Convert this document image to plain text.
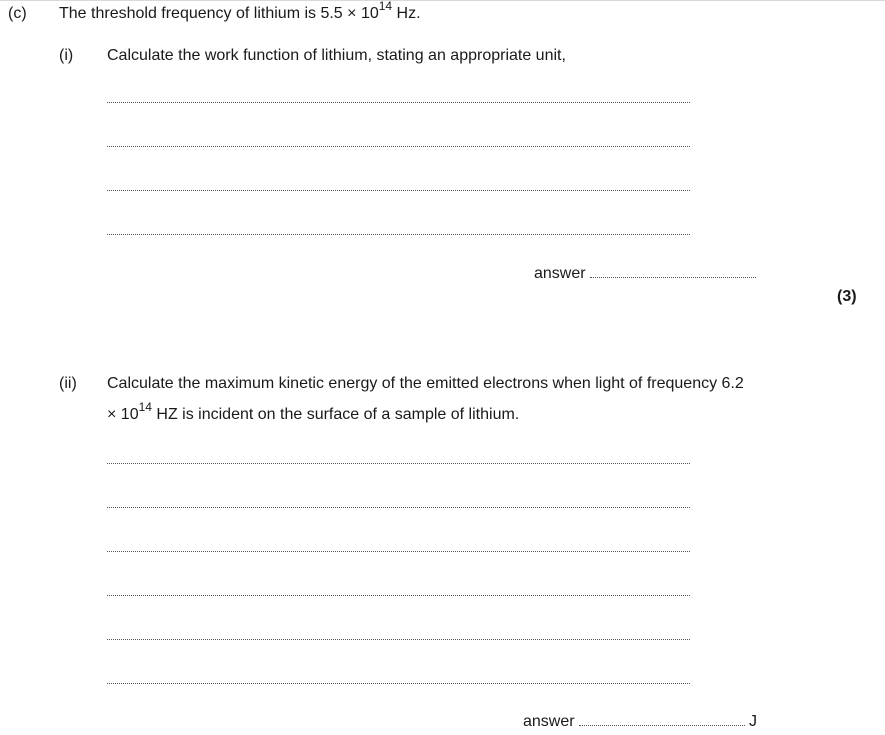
(c) The threshold frequency of lithium is $5.5 \times 10^{14}$ Hz.
(i) Calculate the work function of lithium, stating an appropriate unit,
answer
(3)
(ii) Calculate the maximum kinetic energy of the emitted electrons when light of frequency 6.2
× $10^{14}$ HZ is incident on the surface of a sample of lithium.
answer	J
